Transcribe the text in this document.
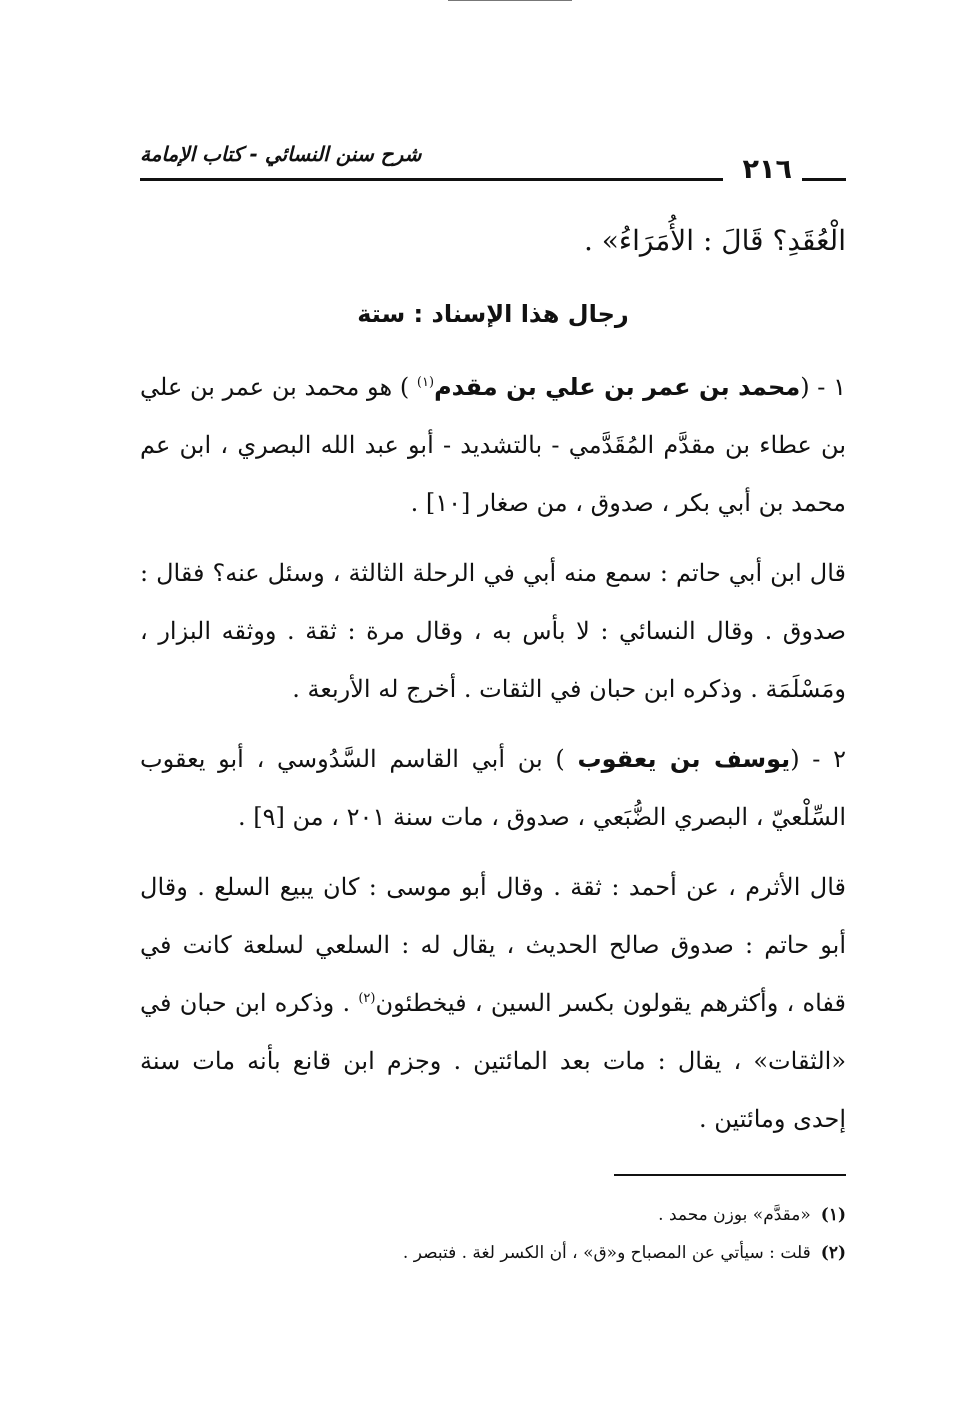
٢١٦
شرح سنن النسائي - كتاب الإمامة
الْعُقَدِ؟ قَالَ : الأُمَرَاءُ» .
رجال هذا الإسناد : ستة
١ - (محمد بن عمر بن علي بن مقدم$^{(١)}$ ) هو محمد بن عمر بن علي بن عطاء بن مقدَّم المُقَدَّمي - بالتشديد - أبو عبد الله البصري ، ابن عم محمد بن أبي بكر ، صدوق ، من صغار [١٠] .
قال ابن أبي حاتم : سمع منه أبي في الرحلة الثالثة ، وسئل عنه؟ فقال : صدوق . وقال النسائي : لا بأس به ، وقال مرة : ثقة . ووثقه البزار ، ومَسْلَمَة . وذكره ابن حبان في الثقات . أخرج له الأربعة .
٢ - (يوسف بن يعقوب ) بن أبي القاسم السَّدُوسي ، أبو يعقوب السِّلْعيّ ، البصري الضُّبَعي ، صدوق ، مات سنة ٢٠١ ، من [٩] .
قال الأثرم ، عن أحمد : ثقة . وقال أبو موسى : كان يبيع السلع . وقال أبو حاتم : صدوق صالح الحديث ، يقال له : السلعي لسلعة كانت في قفاه ، وأكثرهم يقولون بكسر السين ، فيخطئون$^{(٢)}$ . وذكره ابن حبان في «الثقات» ، يقال : مات بعد المائتين . وجزم ابن قانع بأنه مات سنة إحدى ومائتين .
(١)«مقدَّم» بوزن محمد .
(٢)قلت : سيأتي عن المصباح و«ق» ، أن الكسر لغة . فتبصر .
